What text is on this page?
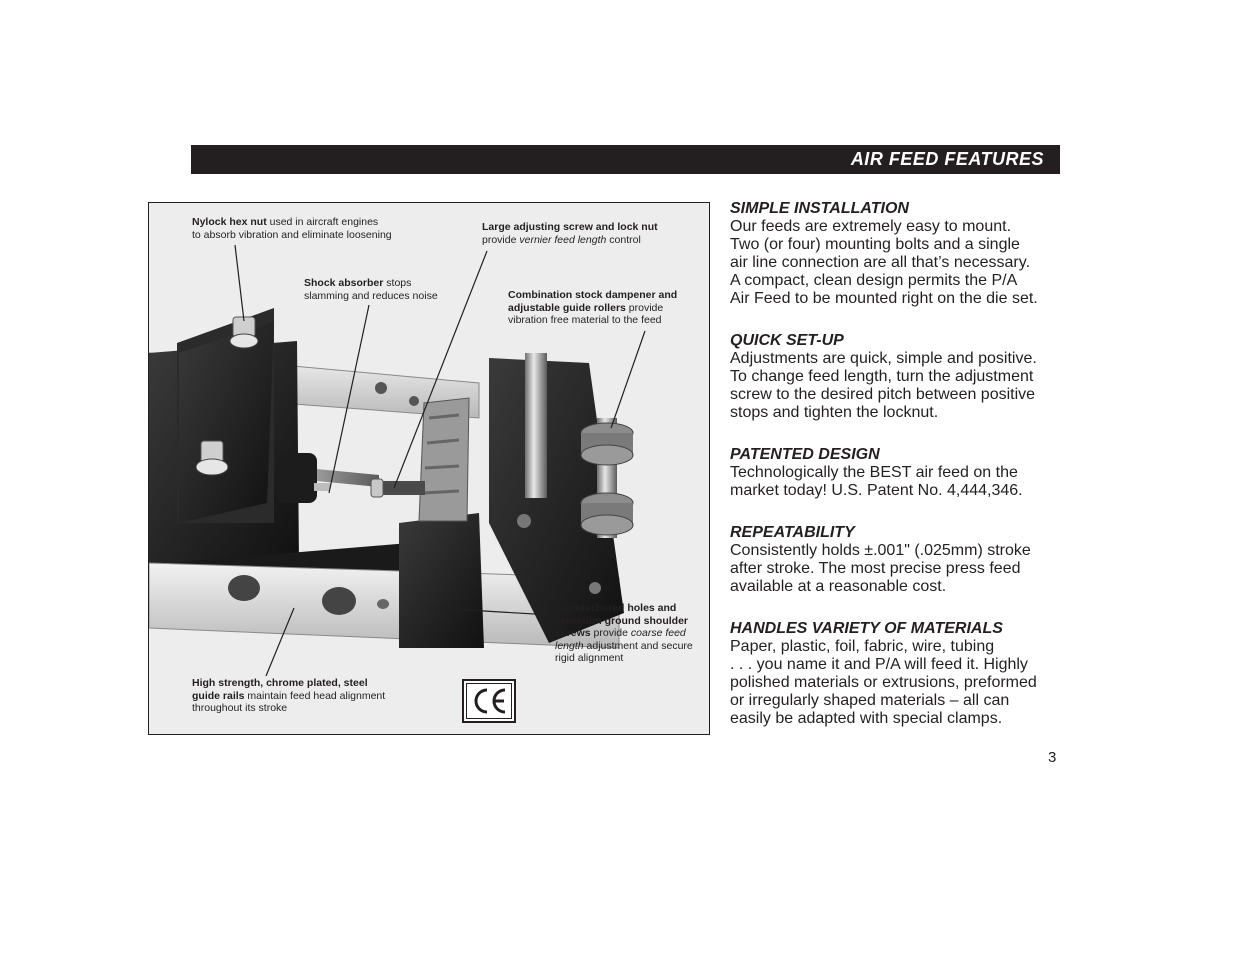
AIR FEED FEATURES
Nylock hex nut used in aircraft engines
to absorb vibration and eliminate loosening
Large adjusting screw and lock nut
provide vernier feed length control
Shock absorber stops
slamming and reduces noise	Combination stock dampener and
adjustable guide rollers provide
vibration free material to the feed
Counterbored holes and
precision ground shoulder
screws provide coarse feed
length adjustment and secure
rigid alignment
High strength, chrome plated, steel
guide rails maintain feed head alignment
throughout its stroke
SIMPLE INSTALLATION

Our feeds are extremely easy to mount.
Two (or four) mounting bolts and a single
air line connection are all that’s necessary.
A compact, clean design permits the P/A
Air Feed to be mounted right on the die set.

QUICK SET-UP

Adjustments are quick, simple and positive.
To change feed length, turn the adjustment
screw to the desired pitch between positive
stops and tighten the locknut.

PATENTED DESIGN

Technologically the BEST air feed on the
market today! U.S. Patent No. 4,444,346.

REPEATABILITY

Consistently holds ±.001" (.025mm) stroke
after stroke. The most precise press feed
available at a reasonable cost.

HANDLES VARIETY OF MATERIALS

Paper, plastic, foil, fabric, wire, tubing
. . . you name it and P/A will feed it. Highly
polished materials or extrusions, preformed
or irregularly shaped materials – all can
easily be adapted with special clamps.

3
